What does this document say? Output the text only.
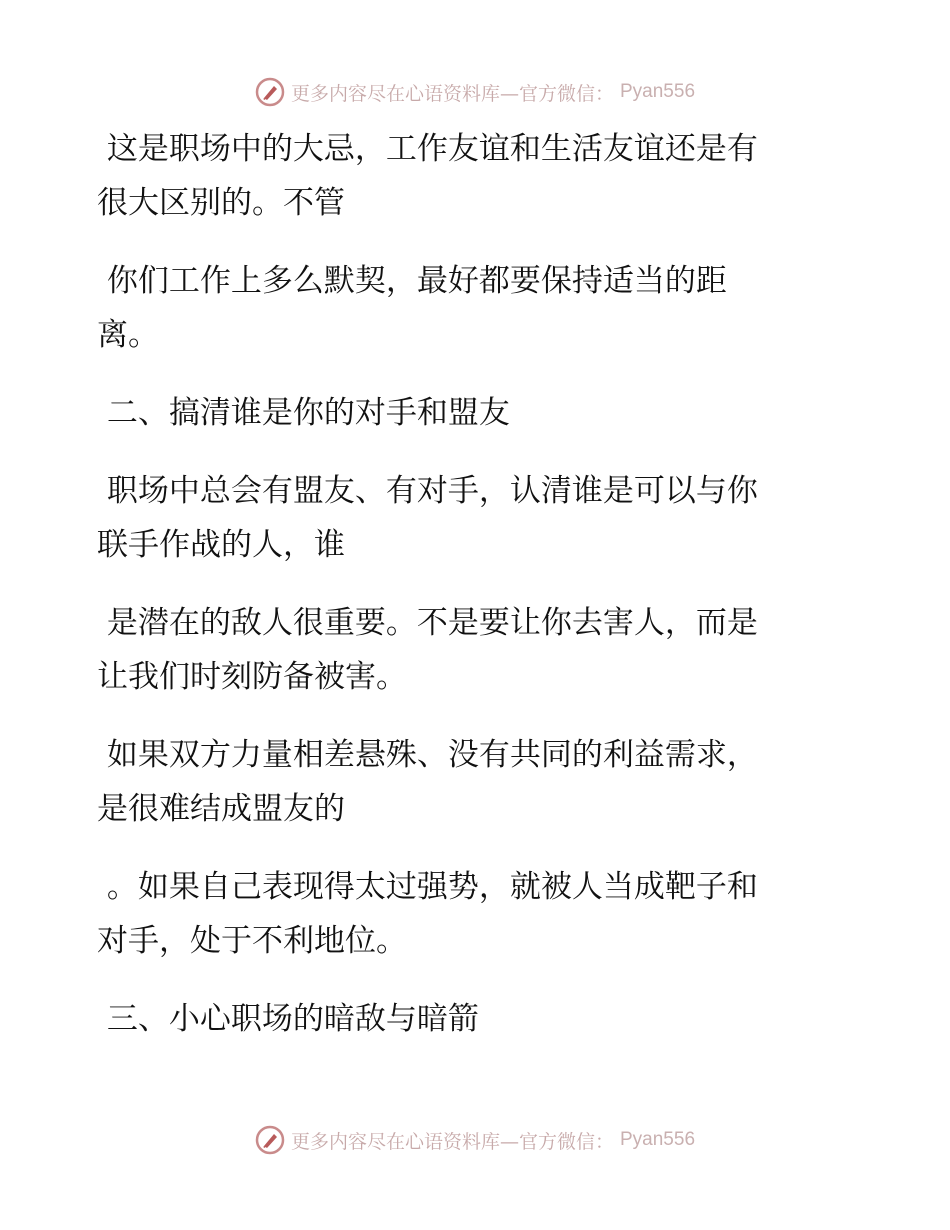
更多内容尽在心语资料库—官方微信： Pyan556

这是职场中的大忌，工作友谊和生活友谊还是有
很大区别的。不管

你们工作上多么默契，最好都要保持适当的距
离。

二、搞清谁是你的对手和盟友

职场中总会有盟友、有对手，认清谁是可以与你
联手作战的人，谁

是潜在的敌人很重要。不是要让你去害人，而是
让我们时刻防备被害。

如果双方力量相差悬殊、没有共同的利益需求，
是很难结成盟友的

。如果自己表现得太过强势，就被人当成靶子和
对手，处于不利地位。

三、小心职场的暗敌与暗箭

更多内容尽在心语资料库—官方微信： Pyan556
